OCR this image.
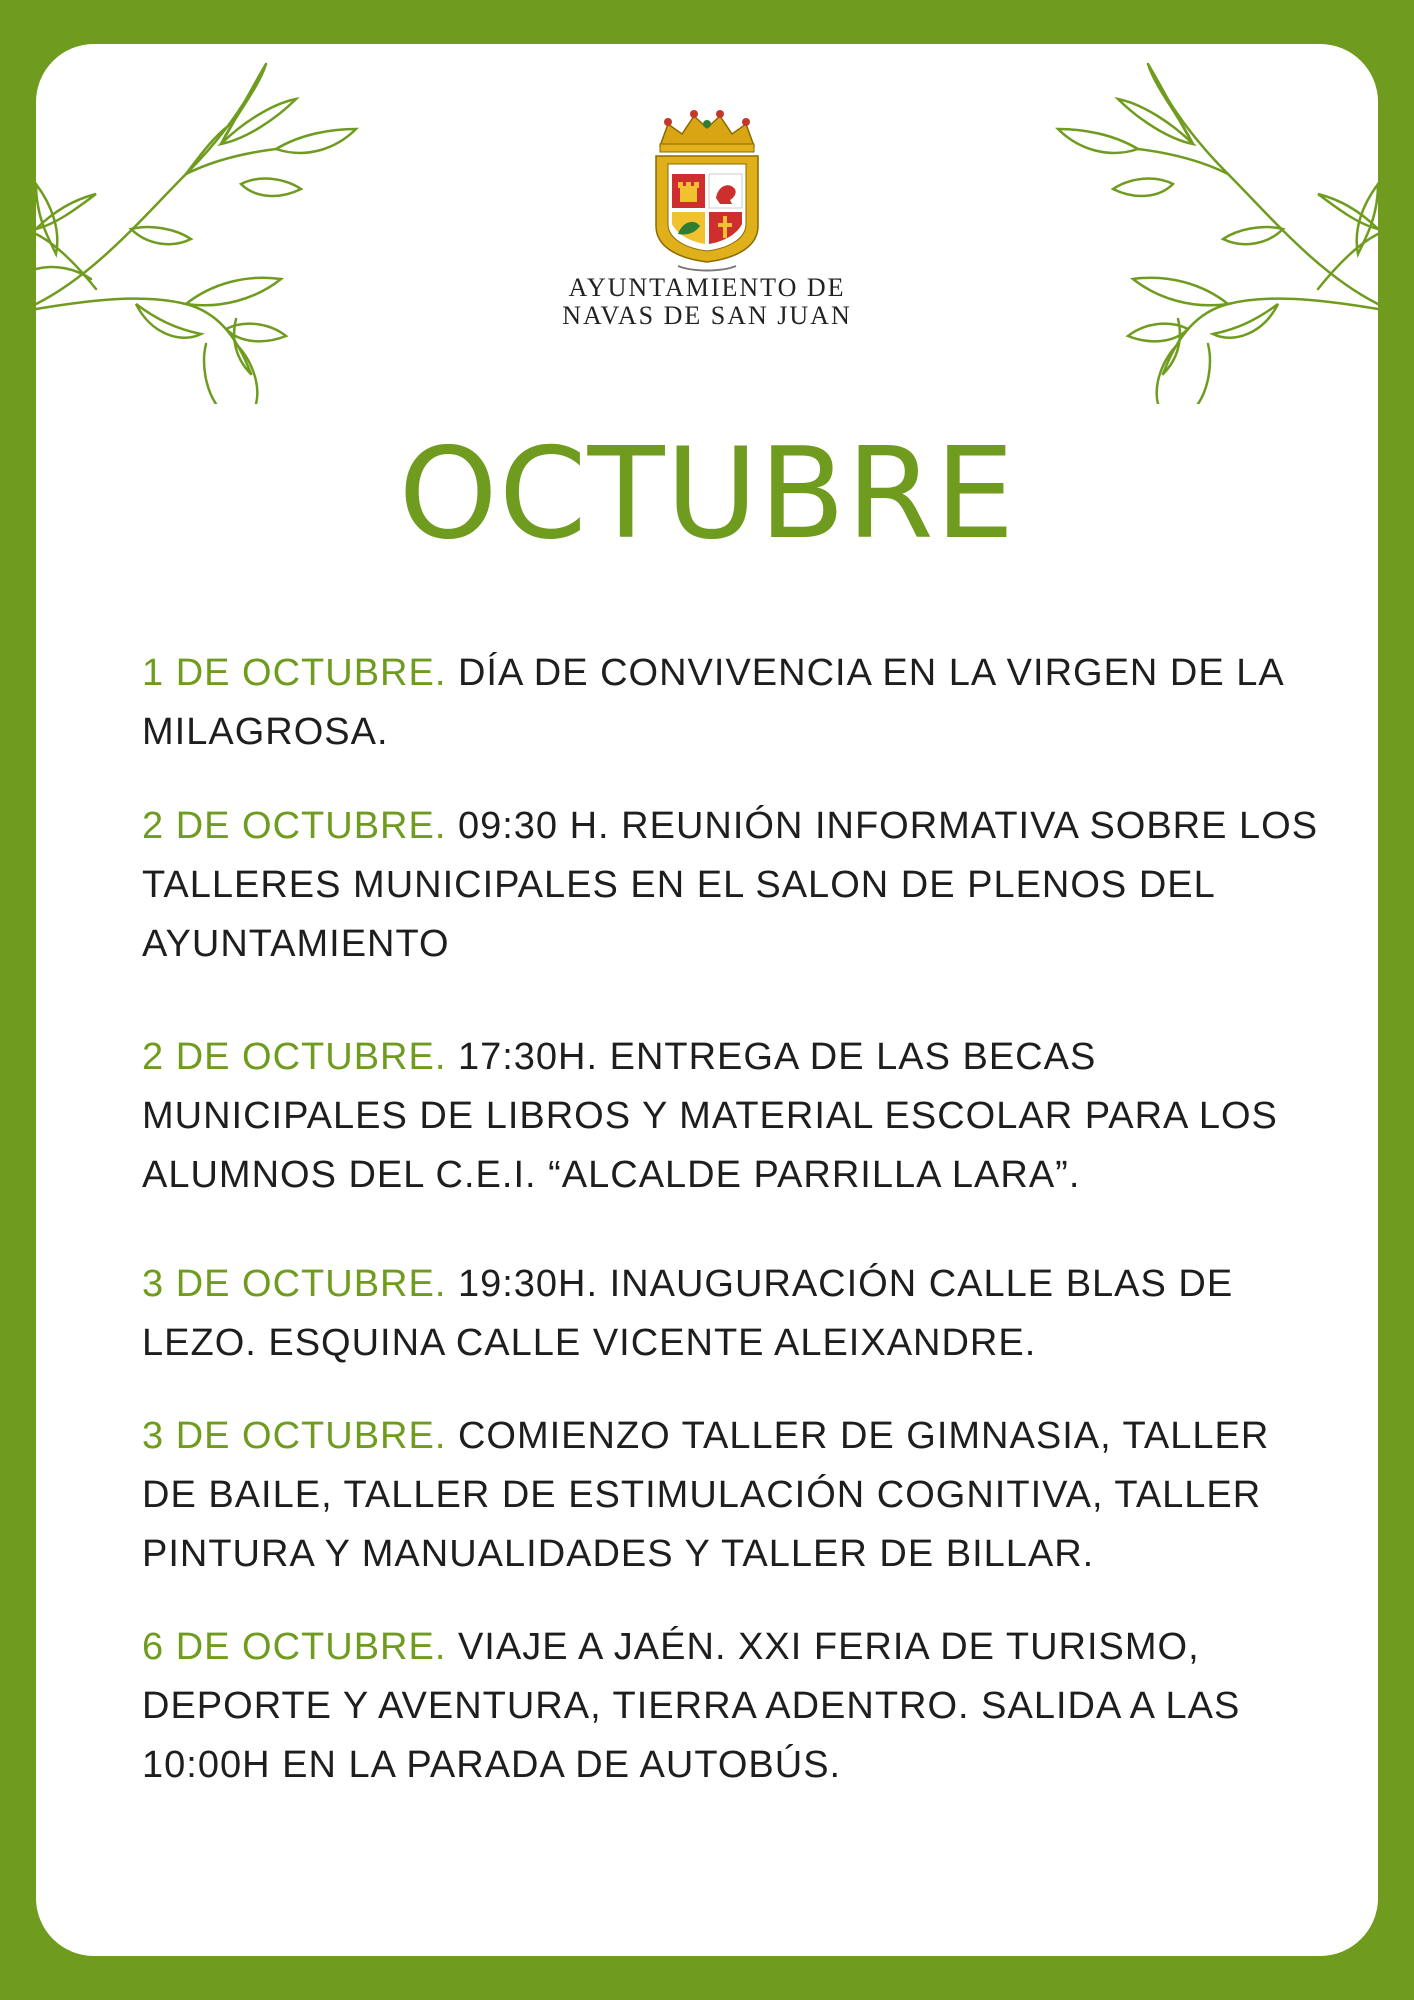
AYUNTAMIENTO DE
NAVAS DE SAN JUAN
OCTUBRE

1 DE OCTUBRE. DÍA DE CONVIVENCIA EN LA VIRGEN DE LA MILAGROSA.

2 DE OCTUBRE. 09:30 H. REUNIÓN INFORMATIVA SOBRE LOS TALLERES MUNICIPALES EN EL SALON DE PLENOS DEL AYUNTAMIENTO

2 DE OCTUBRE. 17:30H. ENTREGA DE LAS BECAS MUNICIPALES DE LIBROS Y MATERIAL ESCOLAR PARA LOS ALUMNOS DEL C.E.I. “ALCALDE PARRILLA LARA”.

3 DE OCTUBRE. 19:30H. INAUGURACIÓN CALLE BLAS DE LEZO. ESQUINA CALLE VICENTE ALEIXANDRE.

3 DE OCTUBRE. COMIENZO TALLER DE GIMNASIA, TALLER DE BAILE, TALLER DE ESTIMULACIÓN COGNITIVA, TALLER PINTURA Y MANUALIDADES Y TALLER DE BILLAR.

6 DE OCTUBRE. VIAJE A JAÉN. XXI FERIA DE TURISMO, DEPORTE Y AVENTURA, TIERRA ADENTRO. SALIDA A LAS 10:00H EN LA PARADA DE AUTOBÚS.
